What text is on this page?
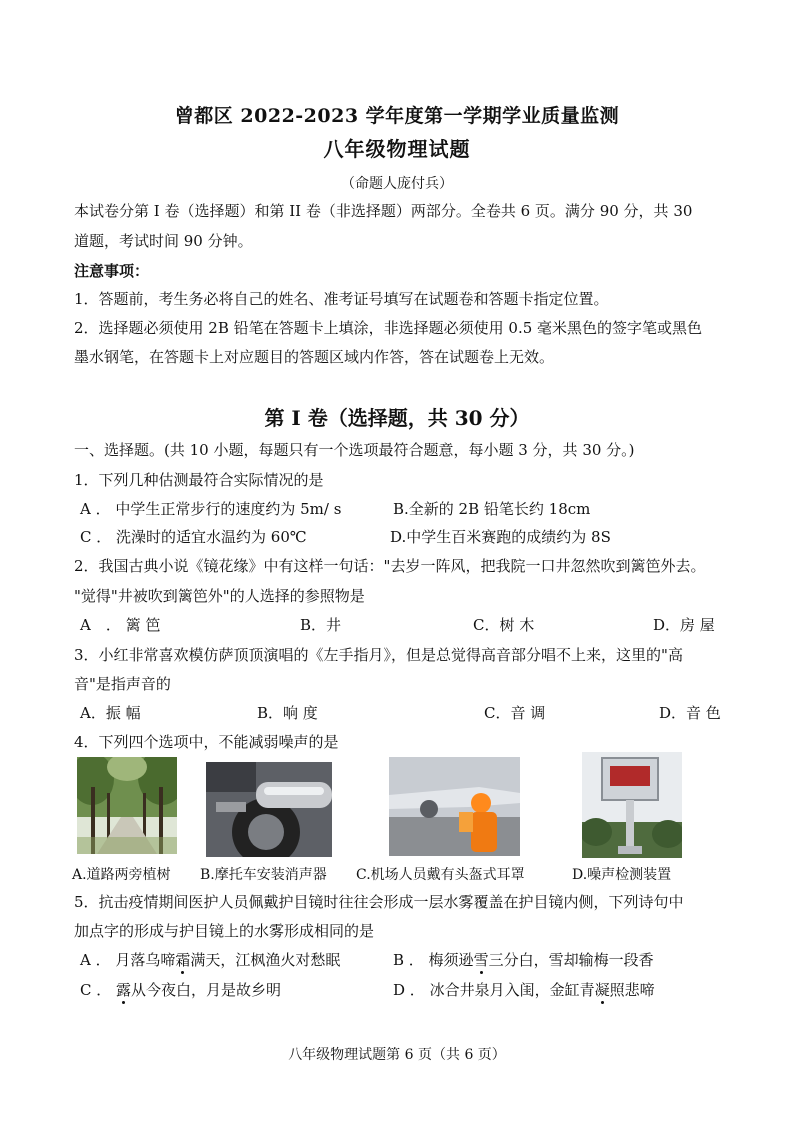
曾都区 2022-2023 学年度第一学期学业质量监测
八年级物理试题
（命题人庞付兵）
本试卷分第 I 卷（选择题）和第 II 卷（非选择题）两部分。全卷共 6 页。满分 90 分，共 30
道题，考试时间 90 分钟。
注意事项：
1．答题前，考生务必将自己的姓名、准考证号填写在试题卷和答题卡指定位置。
2．选择题必须使用 2B 铅笔在答题卡上填涂，非选择题必须使用 0.5 毫米黑色的签字笔或黑色
墨水钢笔，在答题卡上对应题目的答题区域内作答，答在试题卷上无效。
第 I 卷（选择题，共 30 分）
一、选择题。(共 10 小题，每题只有一个选项最符合题意，每小题 3 分，共 30 分。)
1．下列几种估测最符合实际情况的是
A ． 中学生正常步行的速度约为 5m/ s	B.全新的 2B 铅笔长约 18cm
C ． 洗澡时的适宜水温约为 60℃	D.中学生百米赛跑的成绩约为 8S
2．我国古典小说《镜花缘》中有这样一句话："去岁一阵风，把我院一口井忽然吹到篱笆外去。
"觉得"井被吹到篱笆外"的人选择的参照物是
A　． 篱 笆	B．井	C．树 木	D．房 屋
3．小红非常喜欢模仿萨顶顶演唱的《左手指月》，但是总觉得高音部分唱不上来，这里的"高
音"是指声音的
A．振 幅	B．响 度	C．音 调	D．音 色
4．下列四个选项中，不能减弱噪声的是
A.道路两旁植树 B.摩托车安装消声器 C.机场人员戴有头盔式耳罩	D.噪声检测装置
5．抗击疫情期间医护人员佩戴护目镜时往往会形成一层水雾覆盖在护目镜内侧，下列诗句中
加点字的形成与护目镜上的水雾形成相同的是
A ． 月落乌啼霜满天，江枫渔火对愁眠	B ． 梅须逊雪三分白，雪却输梅一段香
C ． 露从今夜白，月是故乡明	D ． 冰合井泉月入闺，金缸青凝照悲啼
八年级物理试题第 6 页（共 6 页）
